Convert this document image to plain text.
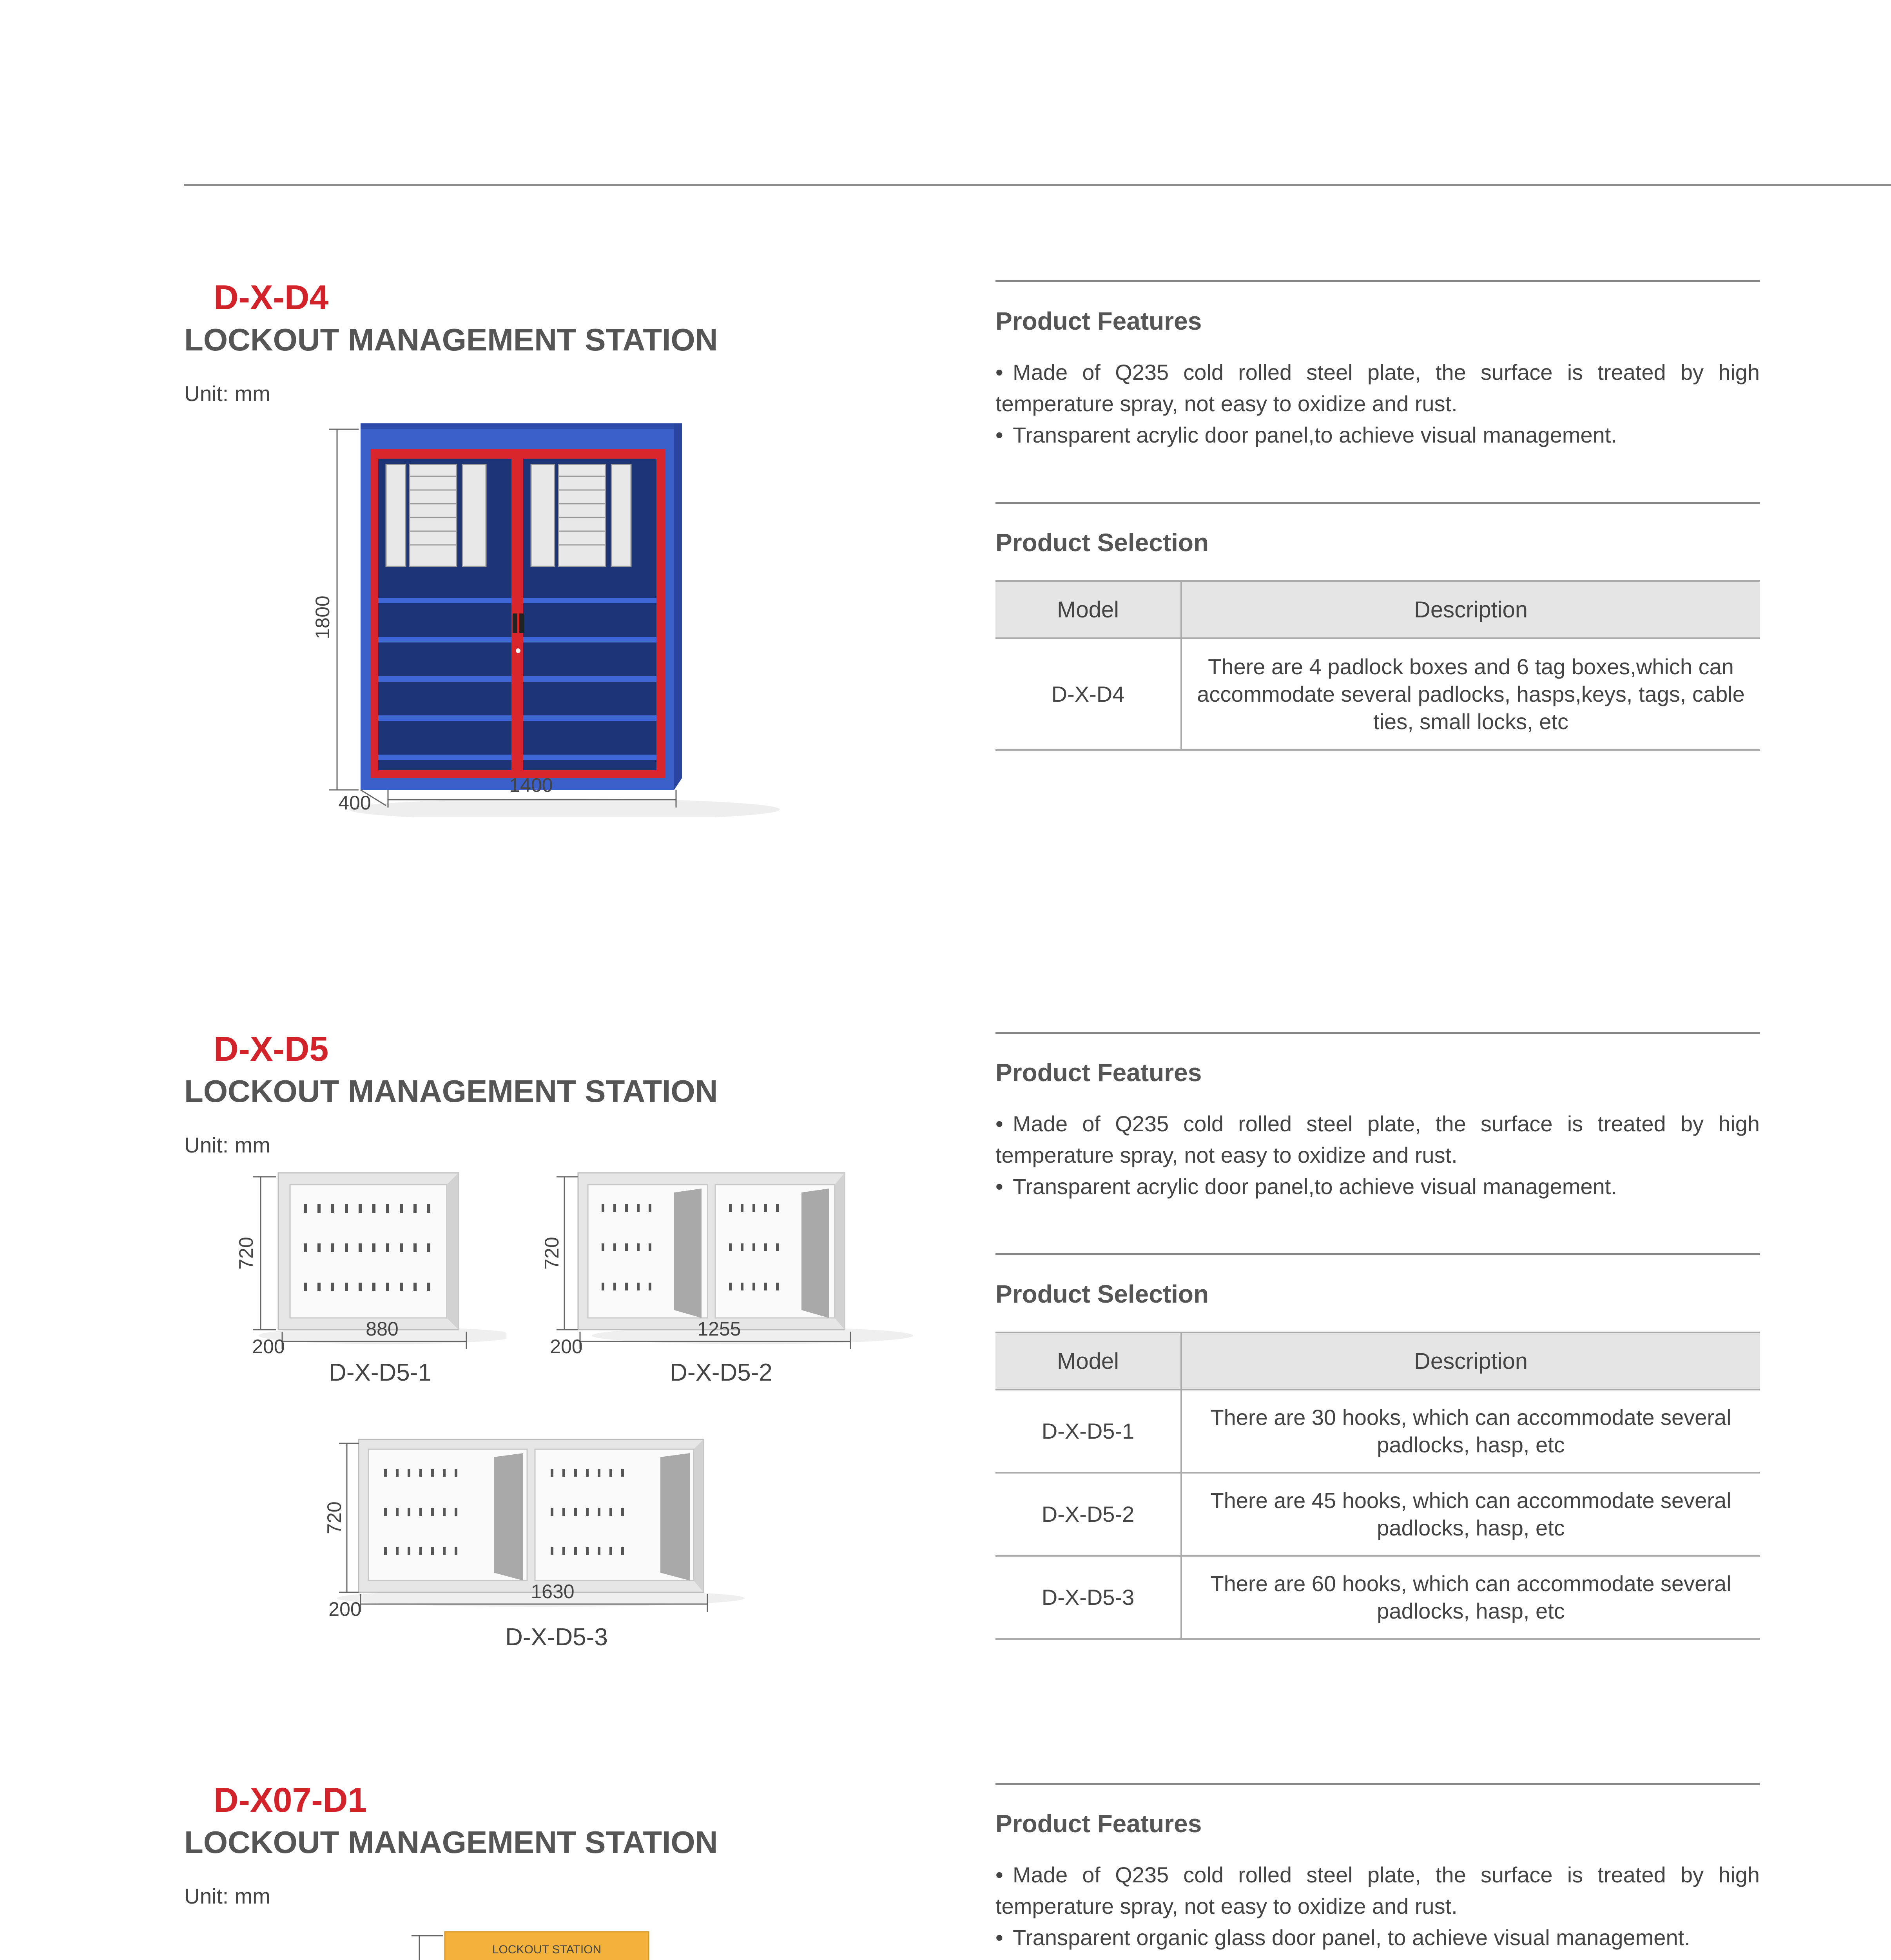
D-X-D4
LOCKOUT MANAGEMENT STATION
Unit: mm
1800
1400
400
Product Features
• Made of Q235 cold rolled steel plate, the surface is treated by high temperature spray, not easy to oxidize and rust.
• Transparent acrylic door panel,to achieve visual management.
Product Selection
Model	Description
D-X-D4	There are 4 padlock boxes and 6 tag boxes,which can accommodate several padlocks, hasps,keys, tags, cable ties, small locks, etc
D-X-D5
LOCKOUT MANAGEMENT STATION
Unit: mm
720
880
200
D-X-D5-1
720
1255
200
D-X-D5-2
720
1630
200
D-X-D5-3
Product Features
• Made of Q235 cold rolled steel plate, the surface is treated by high temperature spray, not easy to oxidize and rust.
• Transparent acrylic door panel,to achieve visual management.
Product Selection
Model	Description
D-X-D5-1	There are 30 hooks, which can accommodate several padlocks, hasp, etc
D-X-D5-2	There are 45 hooks, which can accommodate several padlocks, hasp, etc
D-X-D5-3	There are 60 hooks, which can accommodate several padlocks, hasp, etc
D-X07-D1
LOCKOUT MANAGEMENT STATION
Unit: mm
LOCKOUT STATION
Product Features
• Made of Q235 cold rolled steel plate, the surface is treated by high temperature spray, not easy to oxidize and rust.
• Transparent organic glass door panel, to achieve visual management.
